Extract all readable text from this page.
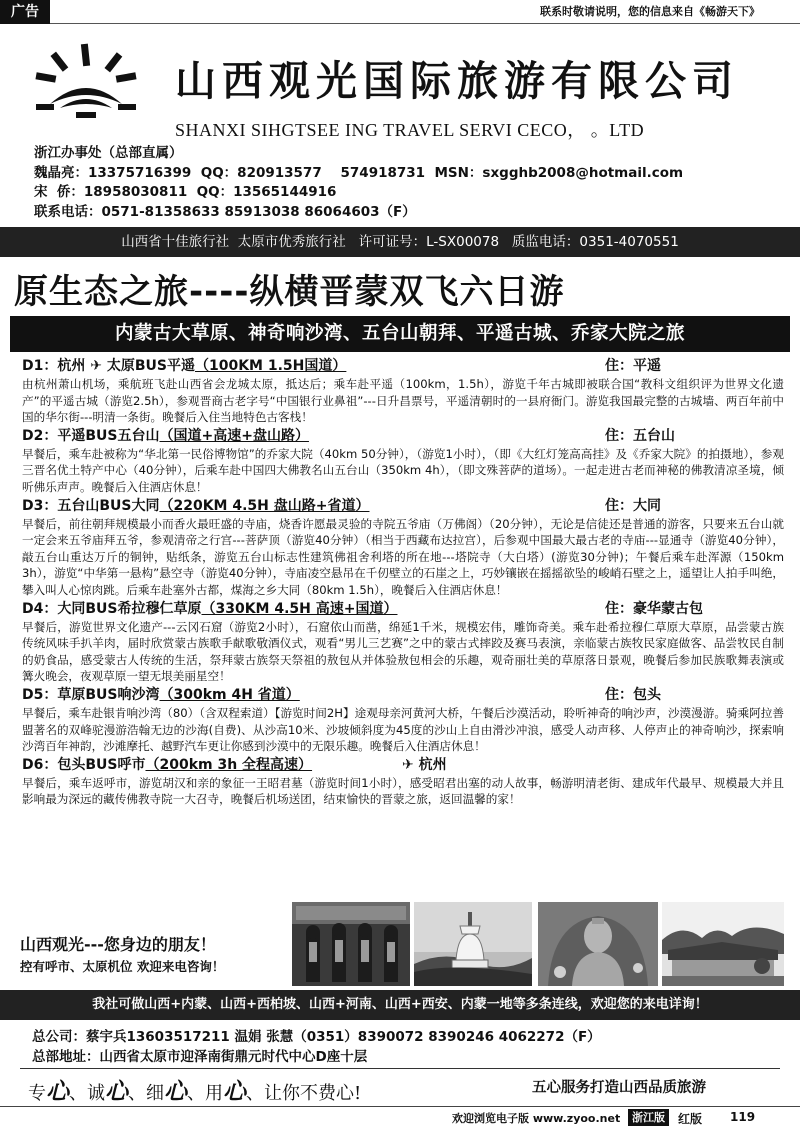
广告	联系时敬请说明，您的信息来自《畅游天下》
山西观光国际旅游有限公司
SHANXI SIHGTSEE ING TRAVEL SERVI CECO， 。LTD
浙江办事处（总部直属）
魏晶亮：13375716399  QQ：820913577    574918731  MSN：sxgghb2008@hotmail.com
宋  侨：18958030811  QQ：13565144916
联系电话：0571-81358633 85913038 86064603（F）
山西省十佳旅行社  太原市优秀旅行社   许可证号：L-SX00078   质监电话：0351-4070551
原生态之旅----纵横晋蒙双飞六日游
内蒙古大草原、神奇响沙湾、五台山朝拜、平遥古城、乔家大院之旅
D1：杭州 ✈ 太原BUS平遥（100KM 1.5H国道）	住：平遥
由杭州萧山机场，乘航班飞赴山西省会龙城太原，抵达后；乘车赴平遥（100km，1.5h），游览千年古城即被联合国“教科文组织评为世界文化遗产”的平遥古城（游览2.5h），参观晋商古老字号“中国银行业鼻祖”---日升昌票号，平遥清朝时的一县府衙门。游览我国最完整的古城墙、两百年前中国的华尔街---明清一条街。晚餐后入住当地特色古客栈！
D2：平遥BUS五台山（国道+高速+盘山路）	住：五台山
早餐后，乘车赴被称为“华北第一民俗博物馆”的乔家大院（40km 50分钟），（游览1小时），（即《大红灯笼高高挂》及《乔家大院》的拍摄地），参观三晋名优土特产中心（40分钟），后乘车赴中国四大佛教名山五台山（350km 4h），（即文殊菩萨的道场）。一起走进古老而神秘的佛教清凉圣境，倾听佛乐声声。晚餐后入住酒店休息！
D3：五台山BUS大同（220KM 4.5H 盘山路+省道）	住：大同
早餐后，前往朝拜规模最小而香火最旺盛的寺庙，烧香许愿最灵验的寺院五爷庙（万佛阁）（20分钟），无论是信徒还是普通的游客，只要来五台山就一定会来五爷庙拜五爷，参观清帝之行宫---菩萨顶（游览40分钟）（相当于西藏布达拉宫），后参观中国最大最古老的寺庙---显通寺（游览40分钟），敲五台山重达万斤的铜钟，贴纸条，游览五台山标志性建筑佛祖舍利塔的所在地---塔院寺（大白塔）(游览30分钟)；午餐后乘车赴浑源（150km 3h），游览“中华第一悬构”悬空寺（游览40分钟），寺庙凌空悬吊在千仞壁立的石崖之上，巧妙镶嵌在摇摇欲坠的峻峭石壁之上，遥望让人拍手叫绝，攀入叫人心惊肉跳。后乘车赴塞外古都，煤海之乡大同（80km 1.5h），晚餐后入住酒店休息！
D4：大同BUS希拉穆仁草原（330KM 4.5H 高速+国道）	住：豪华蒙古包
早餐后，游览世界文化遗产---云冈石窟（游览2小时），石窟依山而凿，绵延1千米，规模宏伟，雕饰奇美。乘车赴希拉穆仁草原大草原，品尝蒙古族传统风味手扒羊肉，届时欣赏蒙古族歌手献歌敬酒仪式，观看“男儿三艺赛”之中的蒙古式摔跤及赛马表演，亲临蒙古族牧民家庭做客、品尝牧民自制的奶食品，感受蒙古人传统的生活，祭拜蒙古族祭天祭祖的敖包从并体验敖包相会的乐趣，观奇丽壮美的草原落日景观，晚餐后参加民族歌舞表演或篝火晚会，夜观草原一望无垠美丽星空！
D5：草原BUS响沙湾（300km 4H 省道）	住：包头
早餐后，乘车赴银肯响沙湾（80）（含双程索道）【游览时间2H】途观母亲河黄河大桥，午餐后沙漠活动，聆听神奇的响沙声，沙漠漫游。骑乘阿拉善盟著名的双峰驼漫游浩翰无边的沙海(自费)、从沙高10米、沙坡倾斜度为45度的沙山上自由滑沙冲浪，感受人动声移、人停声止的神奇响沙，探索响沙湾百年神韵，沙滩摩托、越野汽车更让你感到沙漠中的无限乐趣。晚餐后入住酒店休息！
D6：包头BUS呼市（200km 3h 全程高速）	✈ 杭州
早餐后，乘车返呼市，游览胡汉和亲的象征一王昭君墓（游览时间1小时），感受昭君出塞的动人故事，畅游明清老街、建成年代最早、规模最大并且影响最为深远的藏传佛教寺院一大召寺，晚餐后机场送团，结束愉快的晋蒙之旅，返回温馨的家！
山西观光---您身边的朋友！
控有呼市、太原机位 欢迎来电咨询！
我社可做山西+内蒙、山西+西柏坡、山西+河南、山西+西安、内蒙一地等多条连线，欢迎您的来电详询！
总公司：蔡宇兵13603517211 温娟 张慧（0351）8390072 8390246 4062272（F）
总部地址：山西省太原市迎泽南街鼎元时代中心D座十层
专心、诚心、细心、用心、让你不费心!	五心服务打造山西品质旅游
欢迎浏览电子版 www.zyoo.net	浙江版	红版 119
